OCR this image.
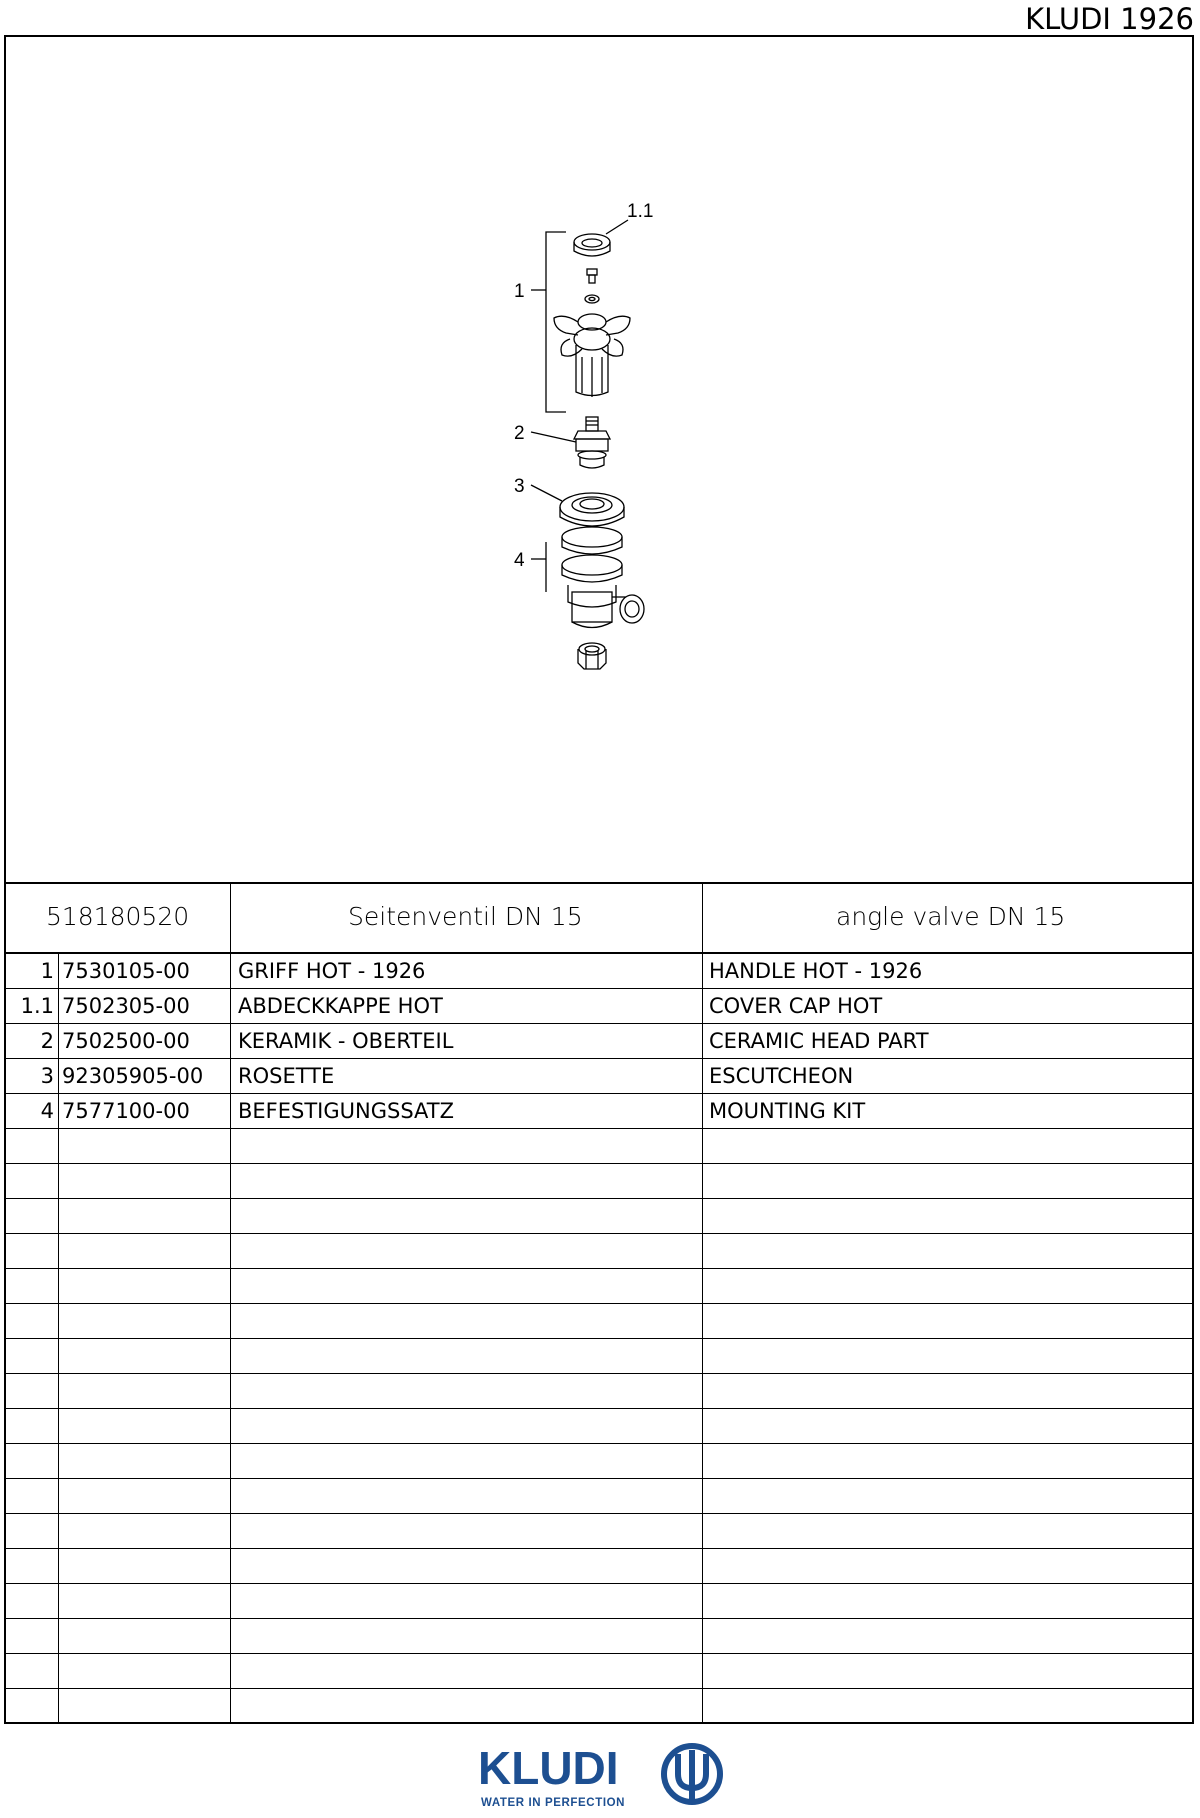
KLUDI 1926
1.1
1
2
3
4
518180520	Seitenventil DN 15	angle valve DN 15
1 7530105-00	GRIFF HOT - 1926	HANDLE HOT - 1926
1.1 7502305-00	ABDECKKAPPE HOT	COVER CAP HOT
2 7502500-00	KERAMIK - OBERTEIL	CERAMIC HEAD PART
3 92305905-00	ROSETTE	ESCUTCHEON
4 7577100-00	BEFESTIGUNGSSATZ	MOUNTING KIT
KLUDI
WATER IN PERFECTION
